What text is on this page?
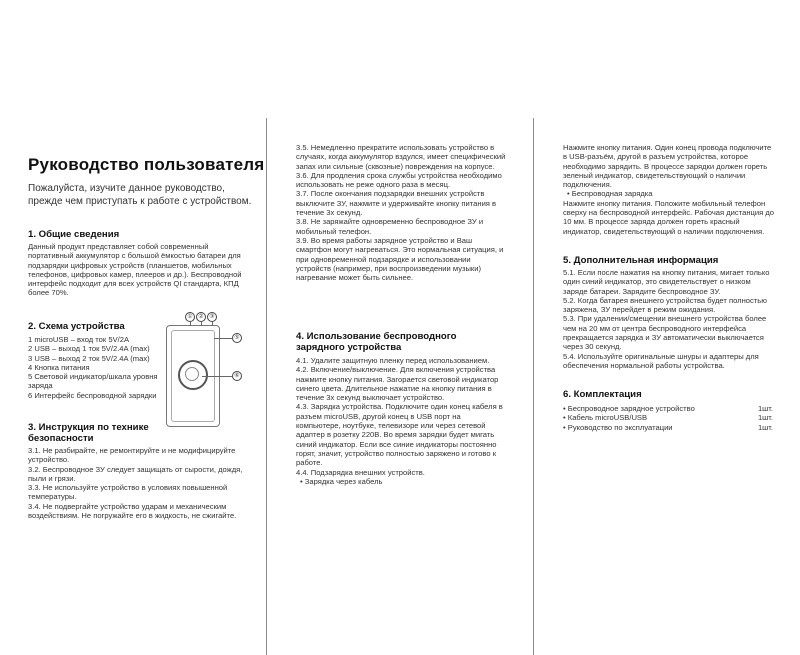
Руководство пользователя

Пожалуйста, изучите данное руководство, прежде чем приступать к работе с устройством.

1. Общие сведения

Данный продукт представляет собой современный портативный аккумулятор с большой ёмкостью батареи для подзарядки цифровых устройств (планшетов, мобильных телефонов, цифровых камер, плееров и др.). Беспроводной интерфейс подходит для всех устройств QI стандарта, КПД более 70%.

2. Схема устройства

1 microUSB – вход ток 5V/2A

2 USB – выход 1 ток 5V/2.4A (max)

3 USB – выход 2 ток 5V/2.4A (max)

4 Кнопка питания

5 Световой индикатор/шкала уровня заряда

6 Интерфейс беспроводной зарядки

① ② ③
⑤
⑥

3. Инструкция по технике безопасности

3.1. Не разбирайте, не ремонтируйте и не модифицируйте устройство.

3.2. Беспроводное ЗУ следует защищать от сырости, дождя, пыли и грязи.

3.3. Не используйте устройство в условиях повышенной температуры.

3.4. Не подвергайте устройство ударам и механическим воздействиям. Не погружайте его в жидкость, не сжигайте.

3.5. Немедленно прекратите использовать устройство в случаях, когда аккумулятор вздулся, имеет специфический запах или сильные (сквозные) повреждения на корпусе.

3.6. Для продления срока службы устройства необходимо использовать не реже одного раза в месяц.

3.7. После окончания подзарядки внешних устройств выключите ЗУ, нажмите и удерживайте кнопку питания в течение 3х секунд.

3.8. Не заряжайте одновременно беспроводное ЗУ и мобильный телефон.

3.9. Во время работы зарядное устройство и Ваш смартфон могут нагреваться. Это нормальная ситуация, и при одновременной подзарядке и использовании устройств (например, при воспроизведении музыки) нагревание может быть сильнее.

4. Использование беспроводного зарядного устройства

4.1. Удалите защитную пленку перед использованием.

4.2. Включение/выключение. Для включения устройства нажмите кнопку питания. Загорается световой индикатор синего цвета. Длительное нажатие на кнопку питания в течение 3х секунд выключает устройство.

4.3. Зарядка устройства. Подключите один конец кабеля в разъем microUSB, другой конец в USB порт на компьютере, ноутбуке, телевизоре или через сетевой адаптер в розетку 220В. Во время зарядки будет мигать синий индикатор. Если все синие индикаторы постоянно горят, значит, устройство полностью заряжено и готово к работе.

4.4. Подзарядка внешних устройств.

• Зарядка через кабель

Нажмите кнопку питания. Один конец провода подключите в USB-разъём, другой в разъем устройства, которое необходимо зарядить. В процессе зарядки должен гореть зеленый индикатор, свидетельствующий о наличии подключения.

• Беспроводная зарядка

Нажмите кнопку питания. Положите мобильный телефон сверху на беспроводной интерфейс. Рабочая дистанция до 10 мм. В процессе заряда должен гореть красный индикатор, свидетельствующий о наличии подключения.

5. Дополнительная информация

5.1. Если после нажатия на кнопку питания, мигает только один синий индикатор, это свидетельствует о низком заряде батареи. Зарядите беспроводное ЗУ.

5.2. Когда батарея внешнего устройства будет полностью заряжена, ЗУ перейдет в режим ожидания.

5.3. При удалении/смещении внешнего устройства более чем на 20 мм от центра беспроводного интерфейса прекращается зарядка и ЗУ автоматически выключается через 30 секунд.

5.4. Используйте оригинальные шнуры и адаптеры для обеспечения нормальной работы устройства.

6. Комплектация

• Беспроводное зарядное устройство	1шт.
• Кабель microUSB/USB	1шт.
• Руководство по эксплуатации	1шт.
